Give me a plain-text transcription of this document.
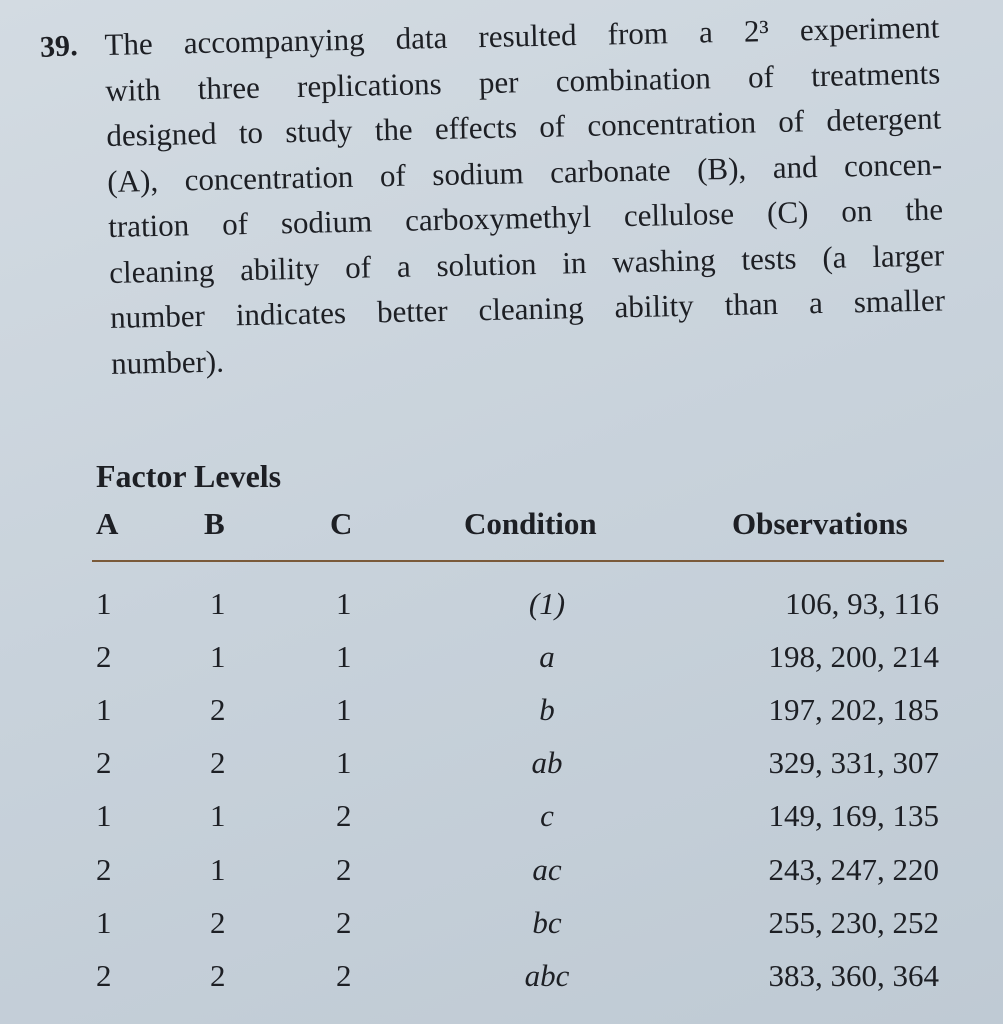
39. The accompanying data resulted from a 2³ experiment
with three replications per combination of treatments
designed to study the effects of concentration of detergent
(A), concentration of sodium carbonate (B), and concen-
tration of sodium carboxymethyl cellulose (C) on the
cleaning ability of a solution in washing tests (a larger
number indicates better cleaning ability than a smaller
number).
Factor Levels
A	B	C	Condition	Observations
1	1	1	(1)	106, 93, 116
2	1	1	a	198, 200, 214
1	2	1	b	197, 202, 185
2	2	1	ab	329, 331, 307
1	1	2	c	149, 169, 135
2	1	2	ac	243, 247, 220
1	2	2	bc	255, 230, 252
2	2	2	abc	383, 360, 364
